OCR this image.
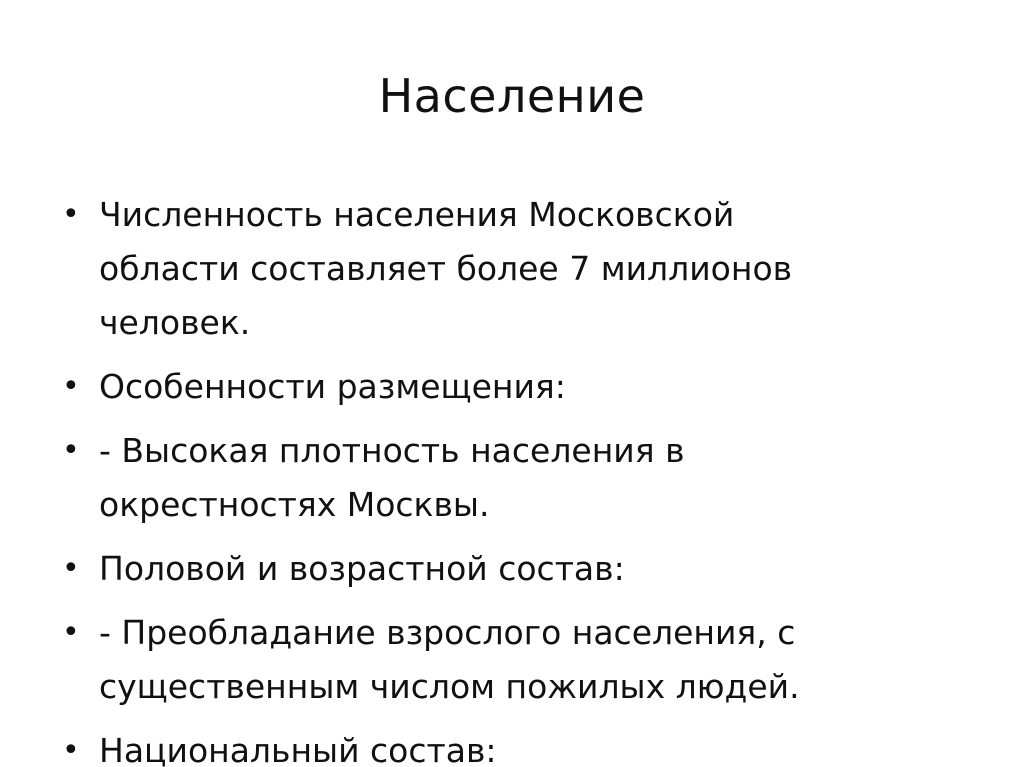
Население
• Численность населения Московской
области составляет более 7 миллионов
человек.
• Особенности размещения:
• - Высокая плотность населения в
окрестностях Москвы.
• Половой и возрастной состав:
• - Преобладание взрослого населения, с
существенным числом пожилых людей.
• Национальный состав:
